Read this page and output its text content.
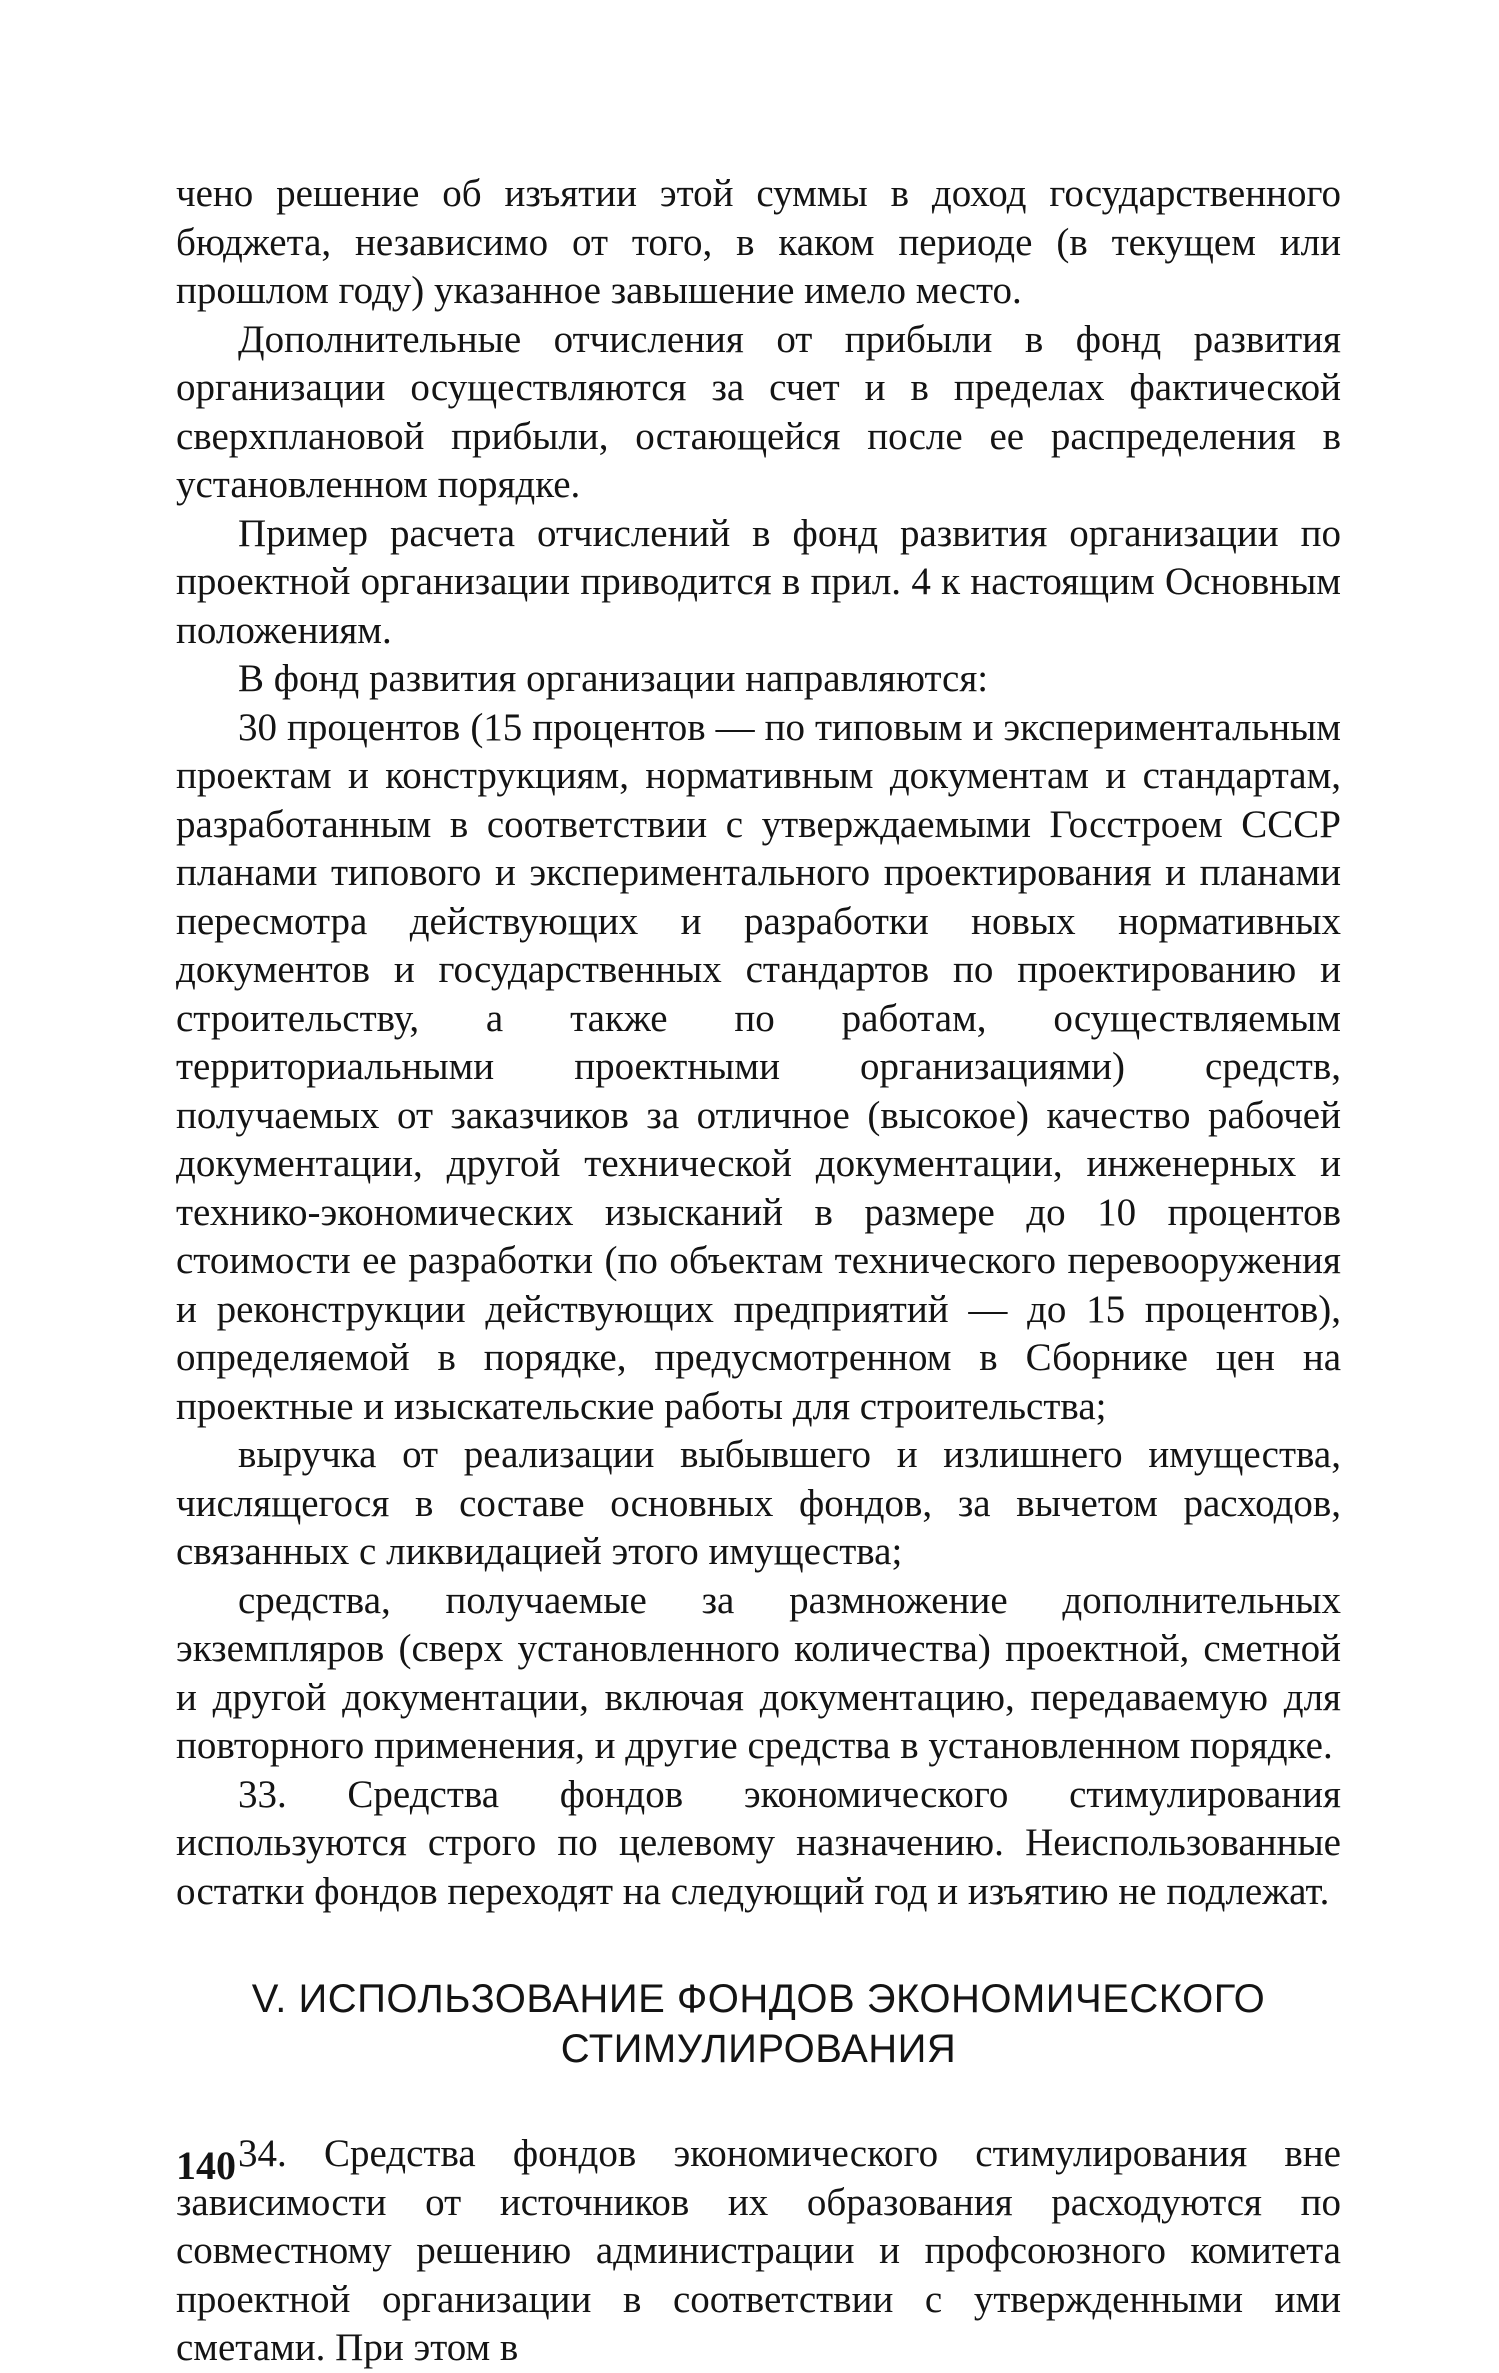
чено решение об изъятии этой суммы в доход государственного бюджета, независимо от того, в каком периоде (в текущем или прошлом году) указанное завышение имело место.

Дополнительные отчисления от прибыли в фонд развития организации осуществляются за счет и в пределах фактической сверхплановой прибыли, остающейся после ее распределения в установленном порядке.

Пример расчета отчислений в фонд развития организации по проектной организации приводится в прил. 4 к настоящим Основным положениям.

В фонд развития организации направляются:

30 процентов (15 процентов — по типовым и экспериментальным проектам и конструкциям, нормативным документам и стандартам, разработанным в соответствии с утверждаемыми Госстроем СССР планами типового и экспериментального проектирования и планами пересмотра действующих и разработки новых нормативных документов и государственных стандартов по проектированию и строительству, а также по работам, осуществляемым территориальными проектными организациями) средств, получаемых от заказчиков за отличное (высокое) качество рабочей документации, другой технической документации, инженерных и технико-экономических изысканий в размере до 10 процентов стоимости ее разработки (по объектам технического перевооружения и реконструкции действующих предприятий — до 15 процентов), определяемой в порядке, предусмотренном в Сборнике цен на проектные и изыскательские работы для строительства;

выручка от реализации выбывшего и излишнего имущества, числящегося в составе основных фондов, за вычетом расходов, связанных с ликвидацией этого имущества;

средства, получаемые за размножение дополнительных экземпляров (сверх установленного количества) проектной, сметной и другой документации, включая документацию, передаваемую для повторного применения, и другие средства в установленном порядке.

33. Средства фондов экономического стимулирования используются строго по целевому назначению. Неиспользованные остатки фондов переходят на следующий год и изъятию не подлежат.

V. ИСПОЛЬЗОВАНИЕ ФОНДОВ ЭКОНОМИЧЕСКОГО
СТИМУЛИРОВАНИЯ

34. Средства фондов экономического стимулирования вне зависимости от источников их образования расходуются по совместному решению администрации и профсоюзного комитета проектной организации в соответствии с утвержденными ими сметами. При этом в

140
